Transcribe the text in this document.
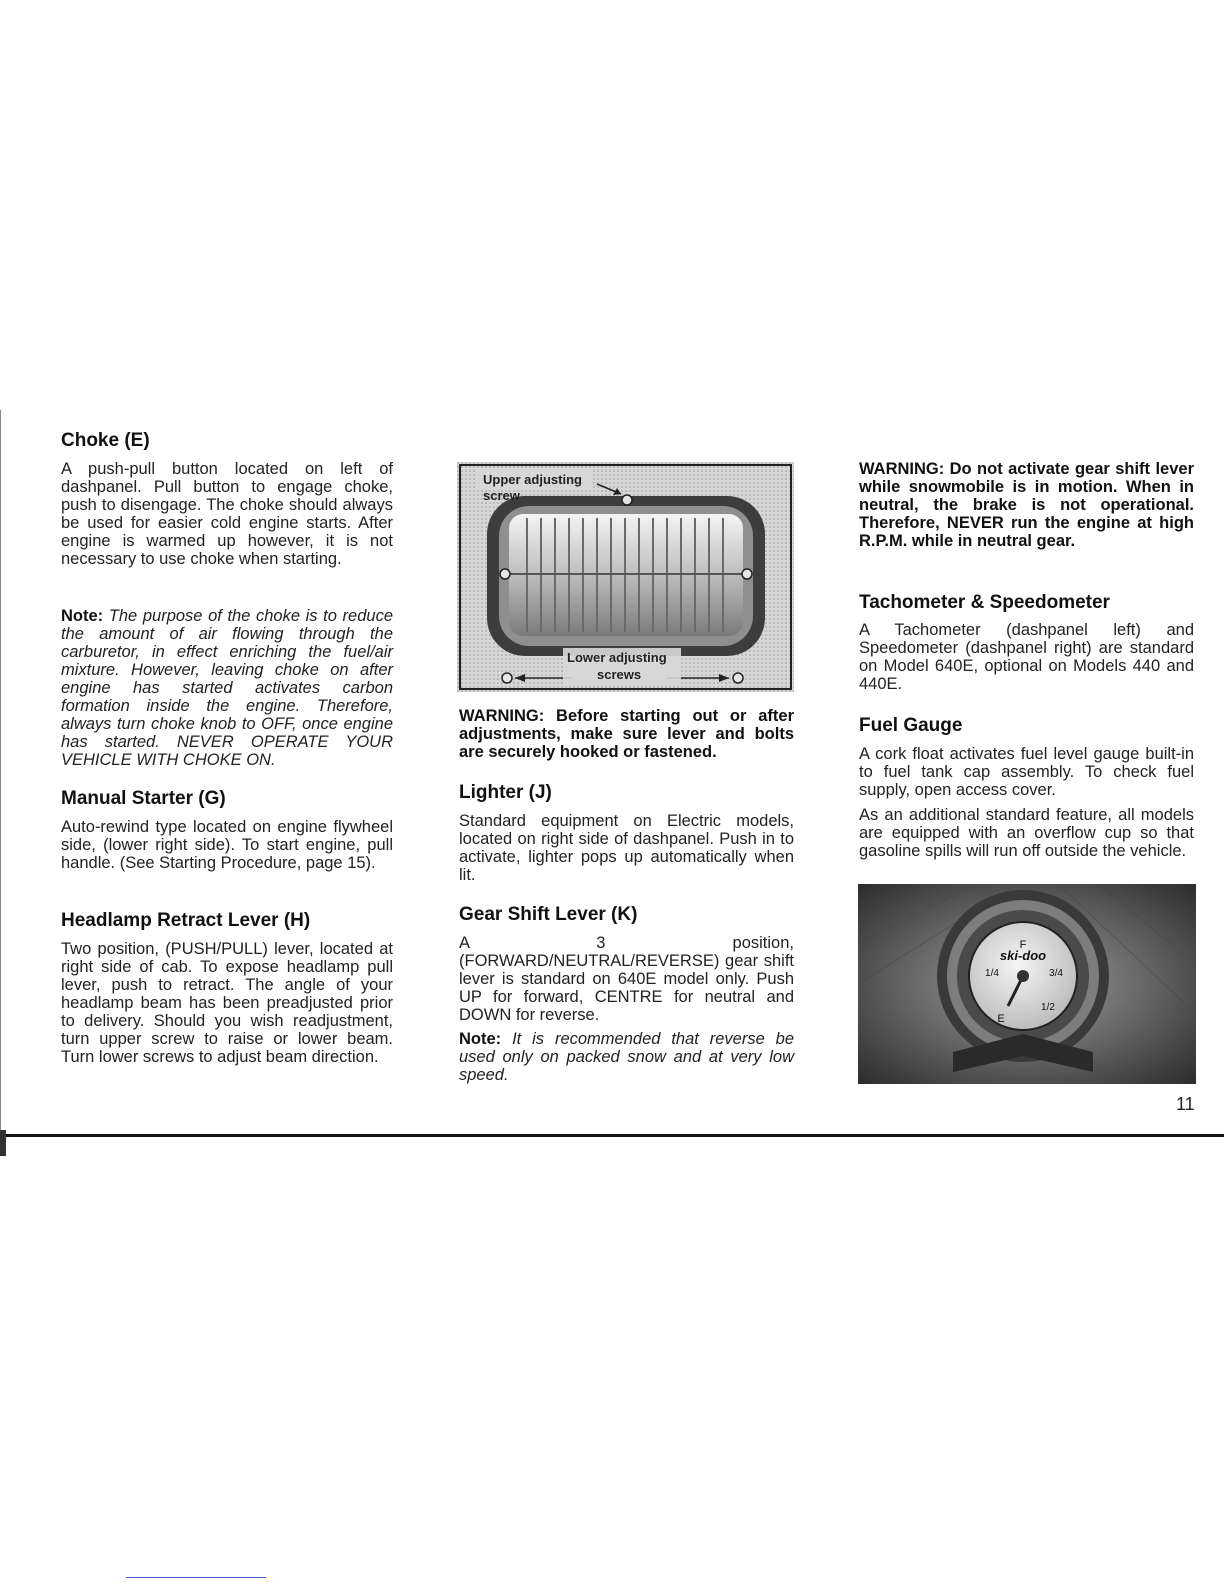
Choke (E)

A push-pull button located on left of dashpanel. Pull button to engage choke, push to disengage. The choke should always be used for easier cold engine starts. After engine is warmed up however, it is not necessary to use choke when starting.

Note: The purpose of the choke is to reduce the amount of air flowing through the carburetor, in effect enriching the fuel/air mixture. However, leaving choke on after engine has started activates carbon formation inside the engine. Therefore, always turn choke knob to OFF, once engine has started. NEVER OPERATE YOUR VEHICLE WITH CHOKE ON.

Manual Starter (G)

Auto-rewind type located on engine flywheel side, (lower right side). To start engine, pull handle. (See Starting Procedure, page 15).

Headlamp Retract Lever (H)

Two position, (PUSH/PULL) lever, located at right side of cab. To expose headlamp pull lever, push to retract. The angle of your headlamp beam has been preadjusted prior to delivery. Should you wish readjustment, turn upper screw to raise or lower beam. Turn lower screws to adjust beam direction.

Upper adjusting
screw
Lower adjusting
screws

WARNING: Before starting out or after adjustments, make sure lever and bolts are securely hooked or fastened.

Lighter (J)

Standard equipment on Electric models, located on right side of dashpanel. Push in to activate, lighter pops up automatically when lit.

Gear Shift Lever (K)

A 3 position, (FORWARD/NEUTRAL/REVERSE) gear shift lever is standard on 640E model only. Push UP for forward, CENTRE for neutral and DOWN for reverse.

Note: It is recommended that reverse be used only on packed snow and at very low speed.

WARNING: Do not activate gear shift lever while snowmobile is in motion. When in neutral, the brake is not operational. Therefore, NEVER run the engine at high R.P.M. while in neutral gear.

Tachometer & Speedometer

A Tachometer (dashpanel left) and Speedometer (dashpanel right) are standard on Model 640E, optional on Models 440 and 440E.

Fuel Gauge

A cork float activates fuel level gauge built-in to fuel tank cap assembly. To check fuel supply, open access cover.

As an additional standard feature, all models are equipped with an overflow cup so that gasoline spills will run off outside the vehicle.

F
ski-doo
3/4
1/4
1/2
E
11
